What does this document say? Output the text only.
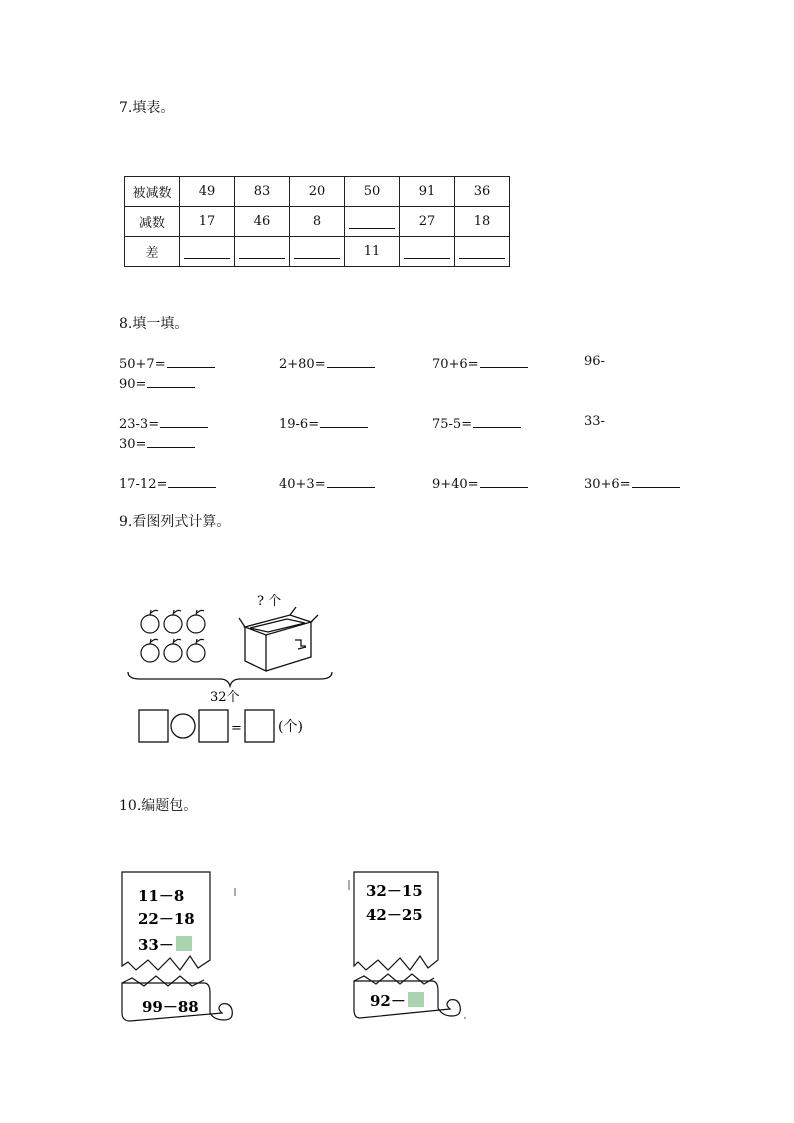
7.填表。
被减数	49	83	20	50	91	36
减数	17	46	8		27	18
差				11		
8.填一填。
50+7=	2+80=	70+6=	96-
90=
23-3=	19-6=	75-5=	33-
30=
17-12=	40+3=	9+40=	30+6=
9.看图列式计算。
? 个
32个
=	(个)
10.编题包。
11－8
22－18
33－
99－88
32－15
42－25
92－
